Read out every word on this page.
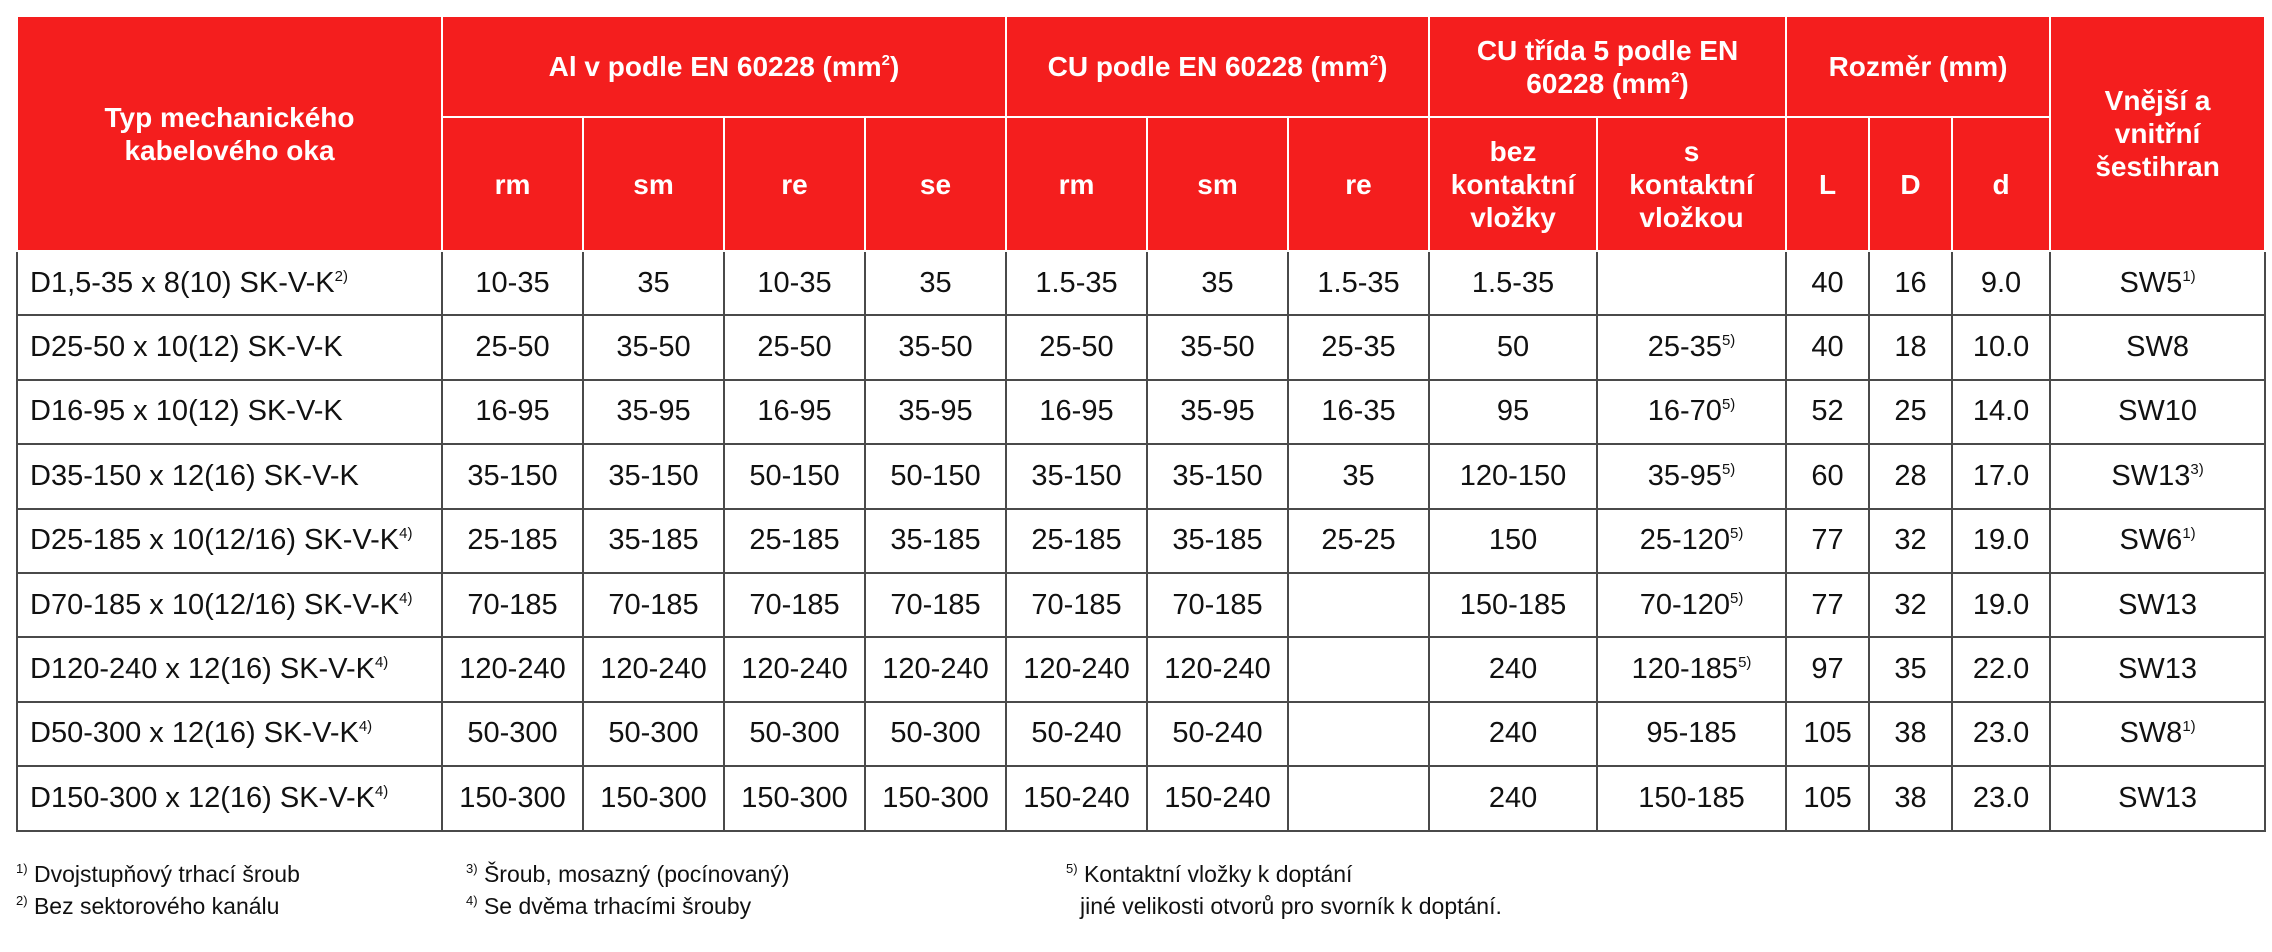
Typ mechanického kabelového oka	Al v podle EN 60228 $(mm^2)$				CU podle EN 60228 $(mm^2)$			CU třída 5 podle EN 60228 $(mm^2)$		Rozměr (mm)			Vnější a vnitřní šestihran
	rm	sm	re	se	rm	sm	re	bez kontaktní vložky	s kontaktní vložkou	L	D	d	
D1,5-35 x 8(10) $SK-V-K^{2)}$	10-35	35	10-35	35	1.5-35	35	1.5-35	1.5-35		40	16	9.0	SW5$^{1)}$
D25-50 x 10(12) SK-V-K	25-50	35-50	25-50	35-50	25-50	35-50	25-35	50	25-35$^{5)}$	40	18	10.0	SW8
D16-95 x 10(12) SK-V-K	16-95	35-95	16-95	35-95	16-95	35-95	16-35	95	16-70$^{5)}$	52	25	14.0	SW10
D35-150 x 12(16) SK-V-K	35-150	35-150	50-150	50-150	35-150	35-150	35	120-150	35-95$^{5)}$	60	28	17.0	SW13$^{3)}$
D25-185 x 10(12/16) $SK-V-K^{4)}$	25-185	35-185	25-185	35-185	25-185	35-185	25-25	150	25-120$^{5)}$	77	32	19.0	SW6$^{1)}$
D70-185 x 10(12/16) $SK-V-K^{4)}$	70-185	70-185	70-185	70-185	70-185	70-185		150-185	70-120$^{5)}$	77	32	19.0	SW13
D120-240 x 12(16) $SK-V-K^{4)}$	120-240	120-240	120-240	120-240	120-240	120-240		240	120-185$^{5)}$	97	35	22.0	SW13
D50-300 x 12(16) $SK-V-K^{4)}$	50-300	50-300	50-300	50-300	50-240	50-240		240	95-185	105	38	23.0	SW8$^{1)}$
D150-300 x 12(16) $SK-V-K^{4)}$	150-300	150-300	150-300	150-300	150-240	150-240		240	150-185	105	38	23.0	SW13
$^{1)}$ Dvojstupňový trhací šroub
$^{2)}$ Bez sektorového kanálu
$^{3)}$ Šroub, mosazný (pocínovaný)
$^{4)}$ Se dvěma trhacími šrouby
$^{5)}$ Kontaktní vložky k doptání
jiné velikosti otvorů pro svorník k doptání.
